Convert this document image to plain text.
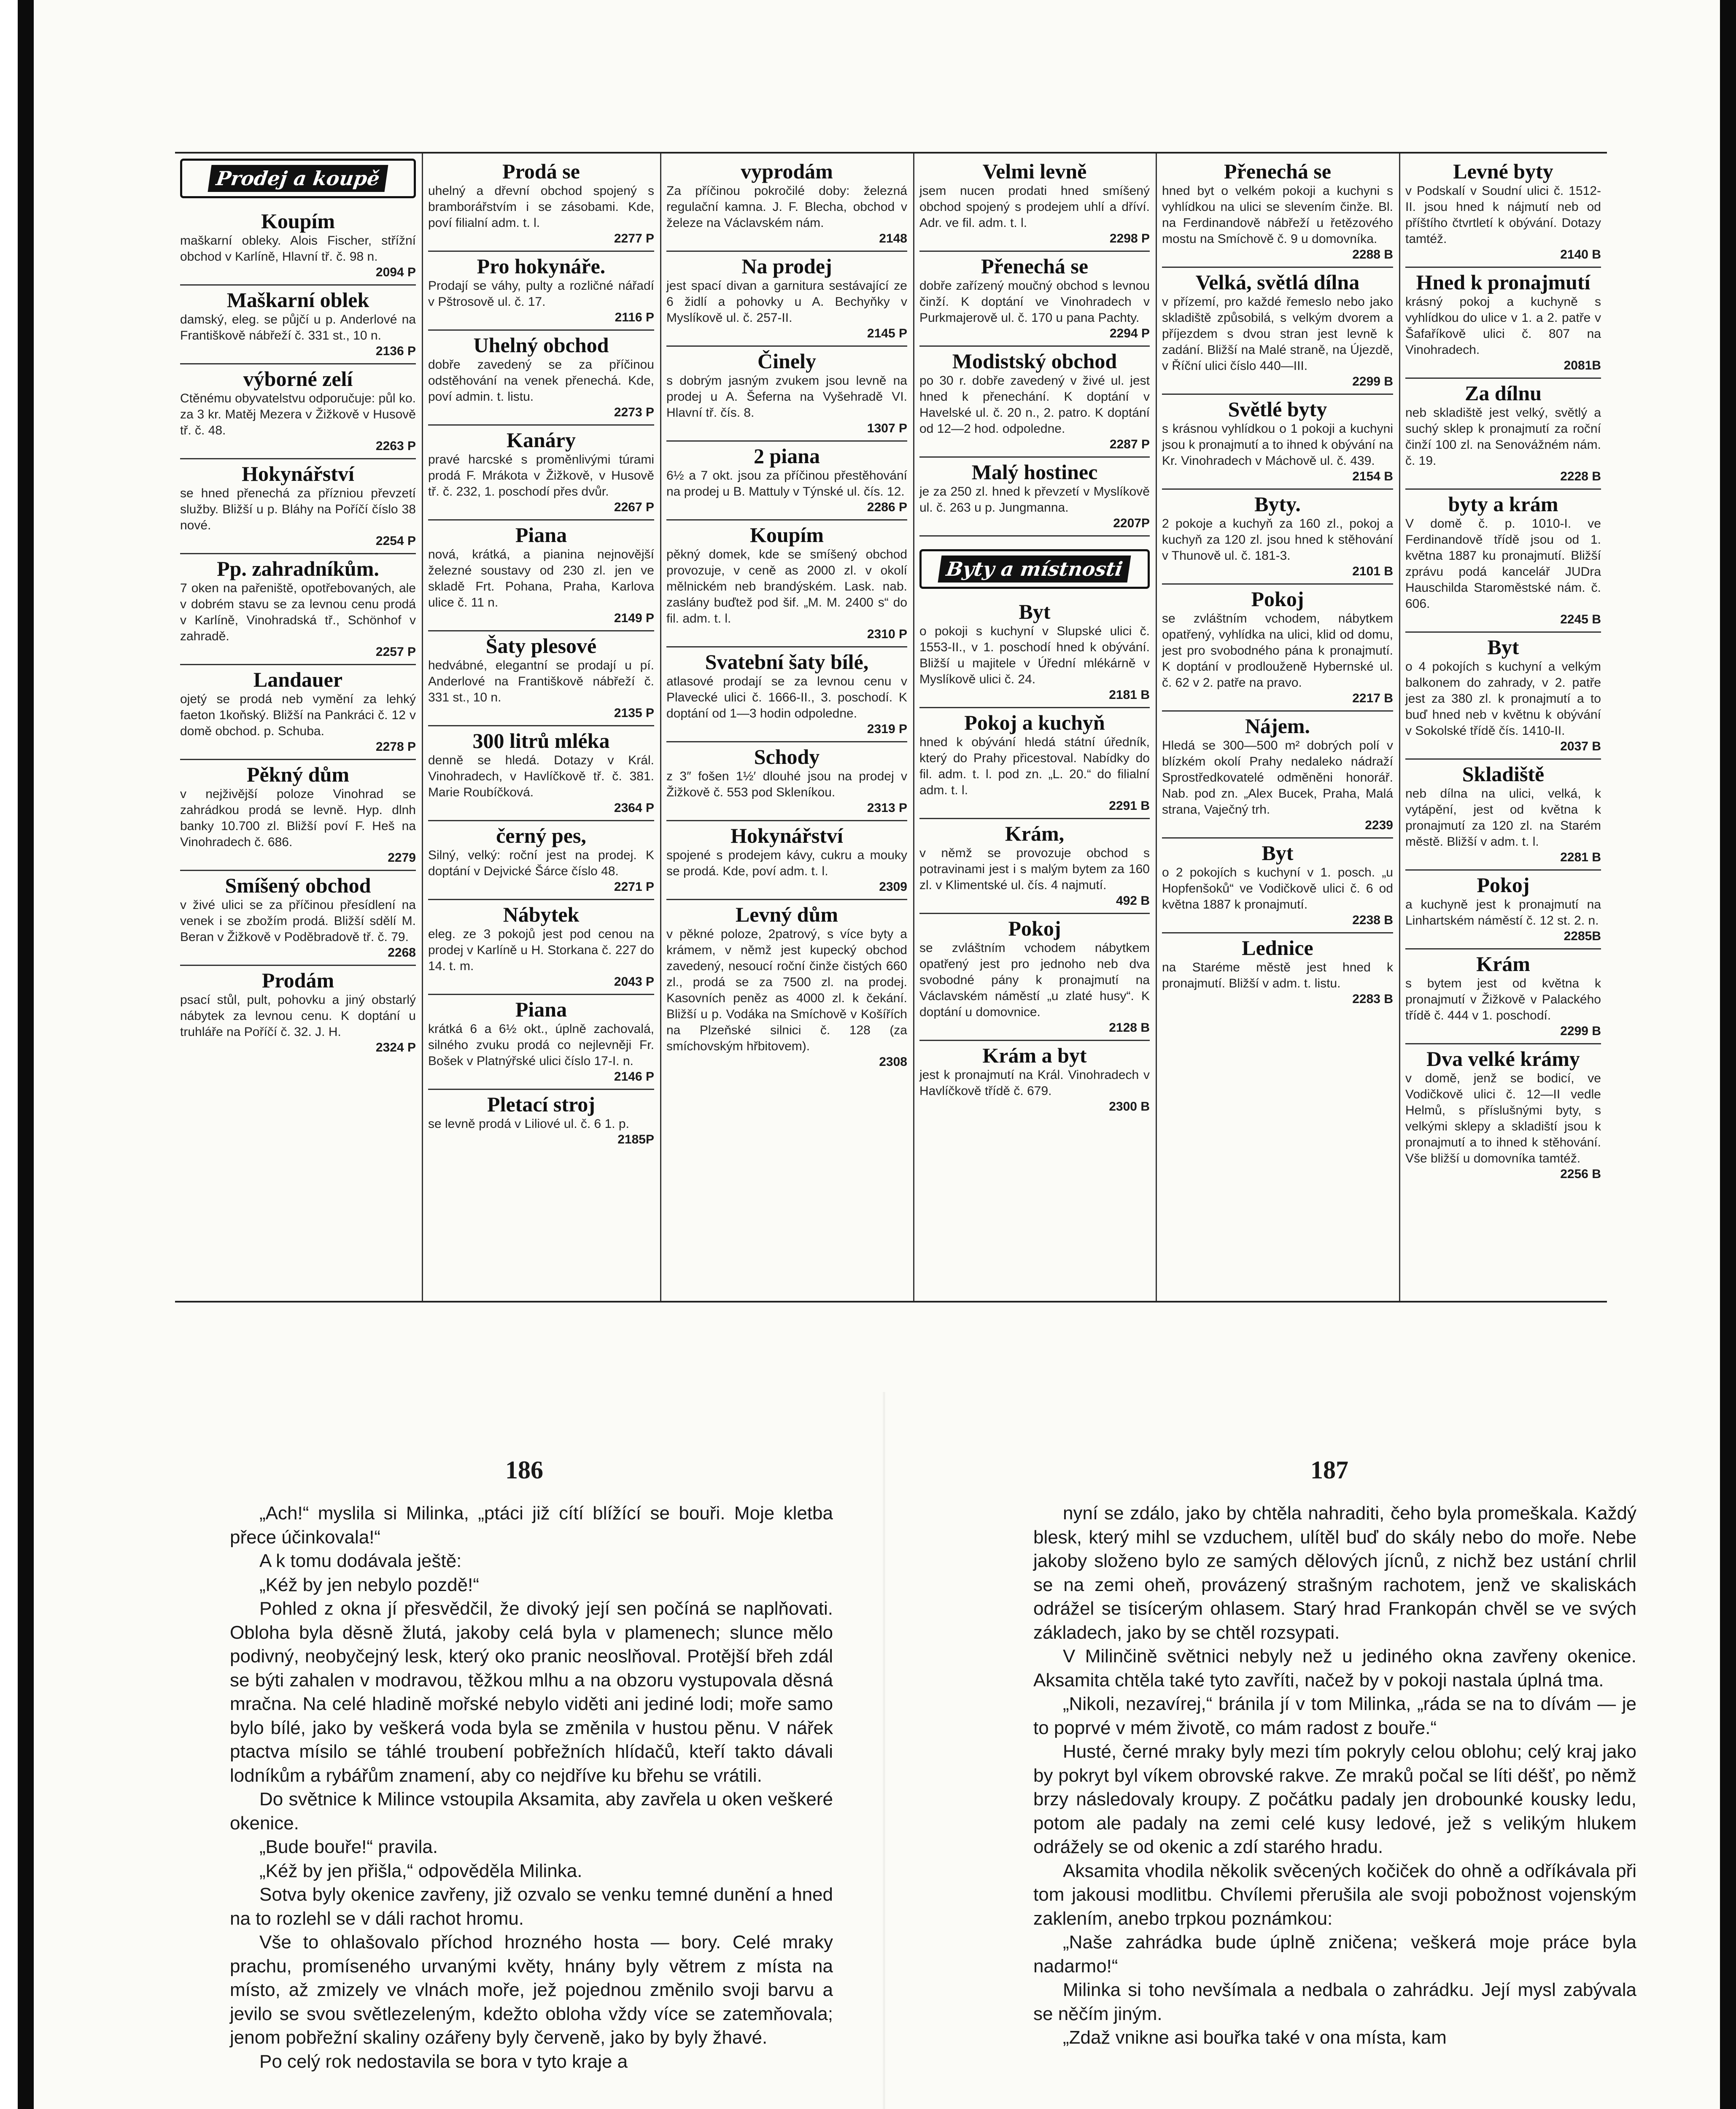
Prodej a koupě
Koupím

maškarní obleky. Alois Fischer, střížní obchod v Karlíně, Hlavní tř. č. 98 n.

2094 P
Maškarní oblek

damský, eleg. se půjčí u p. Anderlové na Františkově nábřeží č. 331 st., 10 n.

2136 P
výborné zelí

Ctěnému obyvatelstvu odporučuje: půl ko. za 3 kr. Matěj Mezera v Žižkově v Husově tř. č. 48.

2263 P
Hokynářství

se hned přenechá za přízniou převzetí služby. Bližší u p. Bláhy na Poříčí číslo 38 nové.

2254 P
Pp. zahradníkům.

7 oken na pařeniště, opotřebovaných, ale v dobrém stavu se za levnou cenu prodá v Karlíně, Vinohradská tř., Schönhof v zahradě.

2257 P
Landauer

ojetý se prodá neb vymění za lehký faeton 1koňský. Bližší na Pankráci č. 12 v domě obchod. p. Schuba.

2278 P
Pěkný dům

v nejživější poloze Vinohrad se zahrádkou prodá se levně. Hyp. dlnh banky 10.700 zl. Bližší poví F. Heš na Vinohradech č. 686.

2279
Smíšený obchod

v živé ulici se za příčinou přesídlení na venek i se zbožím prodá. Bližší sdělí M. Beran v Žižkově v Poděbradově tř. č. 79.

2268
Prodám

psací stůl, pult, pohovku a jiný obstarlý nábytek za levnou cenu. K doptání u truhláře na Poříčí č. 32. J. H.

2324 P
Prodá se

uhelný a dřevní obchod spojený s bramborářstvím i se zásobami. Kde, poví filialní adm. t. l.

2277 P
Pro hokynáře.

Prodají se váhy, pulty a rozličné nářadí v Pštrosově ul. č. 17.

2116 P
Uhelný obchod

dobře zavedený se za příčinou odstěhování na venek přenechá. Kde, poví admin. t. listu.

2273 P
Kanáry

pravé harcské s proměnlivými túrami prodá F. Mrákota v Žižkově, v Husově tř. č. 232, 1. poschodí přes dvůr.

2267 P
Piana

nová, krátká, a pianina nejnovější železné soustavy od 230 zl. jen ve skladě Frt. Pohana, Praha, Karlova ulice č. 11 n.

2149 P
Šaty plesové

hedvábné, elegantní se prodají u pí. Anderlové na Františkově nábřeží č. 331 st., 10 n.

2135 P
300 litrů mléka

denně se hledá. Dotazy v Král. Vinohradech, v Havlíčkově tř. č. 381. Marie Roubíčková.

2364 P
černý pes,

Silný, velký: roční jest na prodej. K doptání v Dejvické Šárce číslo 48.

2271 P
Nábytek

eleg. ze 3 pokojů jest pod cenou na prodej v Karlíně u H. Storkana č. 227 do 14. t. m.

2043 P
Piana

krátká 6 a 6½ okt., úplně zachovalá, silného zvuku prodá co nejlevněji Fr. Bošek v Platnýřské ulici číslo 17-I. n.

2146 P
Pletací stroj

se levně prodá v Liliové ul. č. 6 1. p.

2185P
vyprodám

Za příčinou pokročilé doby: železná regulační kamna. J. F. Blecha, obchod v železe na Václavském nám.

2148
Na prodej

jest spací divan a garnitura sestávající ze 6 židlí a pohovky u A. Bechyňky v Myslíkově ul. č. 257-II.

2145 P
Činely

s dobrým jasným zvukem jsou levně na prodej u A. Šeferna na Vyšehradě VI. Hlavní tř. čís. 8.

1307 P
2 piana

6½ a 7 okt. jsou za příčinou přestěhování na prodej u B. Mattuly v Týnské ul. čís. 12.

2286 P
Koupím

pěkný domek, kde se smíšený obchod provozuje, v ceně as 2000 zl. v okolí mělnickém neb brandýském. Lask. nab. zaslány buďtež pod šif. „M. M. 2400 s“ do fil. adm. t. l.

2310 P
Svatební šaty bílé,

atlasové prodají se za levnou cenu v Plavecké ulici č. 1666-II., 3. poschodí. K doptání od 1—3 hodin odpoledne.

2319 P
Schody

z 3″ fošen 1½′ dlouhé jsou na prodej v Žižkově č. 553 pod Skleníkou.

2313 P
Hokynářství

spojené s prodejem kávy, cukru a mouky se prodá. Kde, poví adm. t. l.

2309
Levný dům

v pěkné poloze, 2patrový, s více byty a krámem, v němž jest kupecký obchod zavedený, nesoucí roční činže čistých 660 zl., prodá se za 7500 zl. na prodej. Kasovních peněz as 4000 zl. k čekání. Bližší u p. Vodáka na Smíchově v Košířích na Plzeňské silnici č. 128 (za smíchovským hřbitovem).

2308
Velmi levně

jsem nucen prodati hned smíšený obchod spojený s prodejem uhlí a dříví. Adr. ve fil. adm. t. l.

2298 P
Přenechá se

dobře zařízený moučný obchod s levnou činží. K doptání ve Vinohradech v Purkmajerově ul. č. 170 u pana Pachty.

2294 P
Modistský obchod

po 30 r. dobře zavedený v živé ul. jest hned k přenechání. K doptání v Havelské ul. č. 20 n., 2. patro. K doptání od 12—2 hod. odpoledne.

2287 P
Malý hostinec

je za 250 zl. hned k převzetí v Myslíkově ul. č. 263 u p. Jungmanna.

2207P
Byty a místnosti
Byt

o pokoji s kuchyní v Slupské ulici č. 1553-II., v 1. poschodí hned k obývání. Bližší u majitele v Úřední mlékárně v Myslíkově ulici č. 24.

2181 B
Pokoj a kuchyň

hned k obývání hledá státní úředník, který do Prahy přicestoval. Nabídky do fil. adm. t. l. pod zn. „L. 20.“ do filialní adm. t. l.

2291 B
Krám,

v němž se provozuje obchod s potravinami jest i s malým bytem za 160 zl. v Klimentské ul. čís. 4 najmutí.

492 B
Pokoj

se zvláštním vchodem nábytkem opatřený jest pro jednoho neb dva svobodné pány k pronajmutí na Václavském náměstí „u zlaté husy“. K doptání u domovnice.

2128 B
Krám a byt

jest k pronajmutí na Král. Vinohradech v Havlíčkově třídě č. 679.

2300 B
Přenechá se

hned byt o velkém pokoji a kuchyni s vyhlídkou na ulici se slevením činže. Bl. na Ferdinandově nábřeží u řetězového mostu na Smíchově č. 9 u domovníka.

2288 B
Velká, světlá dílna

v přízemí, pro každé řemeslo nebo jako skladiště způsobilá, s velkým dvorem a příjezdem s dvou stran jest levně k zadání. Bližší na Malé straně, na Újezdě, v Říční ulici číslo 440—III.

2299 B
Světlé byty

s krásnou vyhlídkou o 1 pokoji a kuchyni jsou k pronajmutí a to ihned k obývání na Kr. Vinohradech v Máchově ul. č. 439.

2154 B
Byty.

2 pokoje a kuchyň za 160 zl., pokoj a kuchyň za 120 zl. jsou hned k stěhování v Thunově ul. č. 181-3.

2101 B
Pokoj

se zvláštním vchodem, nábytkem opatřený, vyhlídka na ulici, klid od domu, jest pro svobodného pána k pronajmutí. K doptání v prodlouženě Hybernské ul. č. 62 v 2. patře na pravo.

2217 B
Nájem.

Hledá se 300—500 m² dobrých polí v blízkém okolí Prahy nedaleko nádraží Sprostředkovatelé odměněni honorář. Nab. pod zn. „Alex Bucek, Praha, Malá strana, Vaječný trh.

2239
Byt

o 2 pokojích s kuchyní v 1. posch. „u Hopfenšoků“ ve Vodičkově ulici č. 6 od května 1887 k pronajmutí.

2238 B
Lednice

na Staréme městě jest hned k pronajmutí. Bližší v adm. t. listu.

2283 B
Levné byty

v Podskalí v Soudní ulici č. 1512-II. jsou hned k nájmutí neb od příštího čtvrtletí k obývání. Dotazy tamtéž.

2140 B
Hned k pronajmutí

krásný pokoj a kuchyně s vyhlídkou do ulice v 1. a 2. patře v Šafaříkově ulici č. 807 na Vinohradech.

2081B
Za dílnu

neb skladiště jest velký, světlý a suchý sklep k pronajmutí za roční činží 100 zl. na Senovážném nám. č. 19.

2228 B
byty a krám

V domě č. p. 1010-I. ve Ferdinandově třídě jsou od 1. května 1887 ku pronajmutí. Bližší zprávu podá kancelář JUDra Hauschilda Staroměstské nám. č. 606.

2245 B
Byt

o 4 pokojích s kuchyní a velkým balkonem do zahrady, v 2. patře jest za 380 zl. k pronajmutí a to buď hned neb v květnu k obývání v Sokolské třídě čís. 1410-II.

2037 B
Skladiště

neb dílna na ulici, velká, k vytápění, jest od května k pronajmutí za 120 zl. na Starém městě. Bližší v adm. t. l.

2281 B
Pokoj

a kuchyně jest k pronajmutí na Linhartském náměstí č. 12 st. 2. n.

2285B
Krám

s bytem jest od května k pronajmutí v Žižkově v Palackého třídě č. 444 v 1. poschodí.

2299 B
Dva velké krámy

v domě, jenž se bodicí, ve Vodičkově ulici č. 12—II vedle Helmů, s příslušnými byty, s velkými sklepy a skladiští jsou k pronajmutí a to ihned k stěhování. Vše bližší u domovníka tamtéž.

2256 B
186	187

„Ach!“ myslila si Milinka, „ptáci již cítí blížící se bouři. Moje kletba přece účinkovala!“

A k tomu dodávala ještě:

„Kéž by jen nebylo pozdě!“

Pohled z okna jí přesvědčil, že divoký její sen počíná se naplňovati. Obloha byla děsně žlutá, jakoby celá byla v plamenech; slunce mělo podivný, neobyčejný lesk, který oko pranic neoslňoval. Protější břeh zdál se býti zahalen v modravou, těžkou mlhu a na obzoru vystupovala děsná mračna. Na celé hladině mořské nebylo viděti ani jediné lodi; moře samo bylo bílé, jako by veškerá voda byla se změnila v hustou pěnu. V nářek ptactva mísilo se táhlé troubení pobřežních hlídačů, kteří takto dávali lodníkům a rybářům znamení, aby co nejdříve ku břehu se vrátili.

Do světnice k Milince vstoupila Aksamita, aby zavřela u oken veškeré okenice.

„Bude bouře!“ pravila.

„Kéž by jen přišla,“ odpověděla Milinka.

Sotva byly okenice zavřeny, již ozvalo se venku temné dunění a hned na to rozlehl se v dáli rachot hromu.

Vše to ohlašovalo příchod hrozného hosta — bory. Celé mraky prachu, promíseného urvanými květy, hnány byly větrem z místa na místo, až zmizely ve vlnách moře, jež pojednou změnilo svoji barvu a jevilo se svou světlezeleným, kdežto obloha vždy více se zatemňovala; jenom pobřežní skaliny ozářeny byly červeně, jako by byly žhavé.

Po celý rok nedostavila se bora v tyto kraje a

nyní se zdálo, jako by chtěla nahraditi, čeho byla promeškala. Každý blesk, který mihl se vzduchem, ulítěl buď do skály nebo do moře. Nebe jakoby složeno bylo ze samých dělových jícnů, z nichž bez ustání chrlil se na zemi oheň, provázený strašným rachotem, jenž ve skaliskách odrážel se tisícerým ohlasem. Starý hrad Frankopán chvěl se ve svých základech, jako by se chtěl rozsypati.

V Milinčině světnici nebyly než u jediného okna zavřeny okenice. Aksamita chtěla také tyto zavříti, načež by v pokoji nastala úplná tma.

„Nikoli, nezavírej,“ bránila jí v tom Milinka, „ráda se na to dívám — je to poprvé v mém životě, co mám radost z bouře.“

Husté, černé mraky byly mezi tím pokryly celou oblohu; celý kraj jako by pokryt byl víkem obrovské rakve. Ze mraků počal se líti déšť, po němž brzy následovaly kroupy. Z počátku padaly jen drobounké kousky ledu, potom ale padaly na zemi celé kusy ledové, jež s velikým hlukem odrážely se od okenic a zdí starého hradu.

Aksamita vhodila několik svěcených kočiček do ohně a odříkávala při tom jakousi modlitbu. Chvílemi přerušila ale svoji pobožnost vojenským zaklením, anebo trpkou poznámkou:

„Naše zahrádka bude úplně zničena; veškerá moje práce byla nadarmo!“

Milinka si toho nevšímala a nedbala o zahrádku. Její mysl zabývala se něčím jiným.

„Zdaž vnikne asi bouřka také v ona místa, kam
